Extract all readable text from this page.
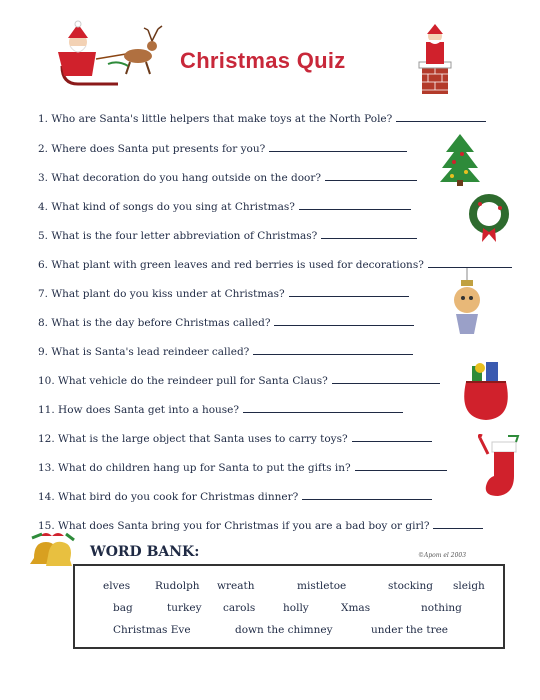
Christmas Quiz
1. Who are Santa's little helpers that make toys at the North Pole?
2. Where does Santa put presents for you?
3. What decoration do you hang outside on the door?
4. What kind of songs do you sing at Christmas?
5. What is the four letter abbreviation of Christmas?
6. What plant with green leaves and red berries is used for decorations?
7. What plant do you kiss under at Christmas?
8. What is the day before Christmas called?
9. What is Santa's lead reindeer called?
10. What vehicle do the reindeer pull for Santa Claus?
11. How does Santa get into a house?
12. What is the large object that Santa uses to carry toys?
13. What do children hang up for Santa to put the gifts in?
14. What bird do you cook for Christmas dinner?
15. What does Santa bring you for Christmas if you are a bad boy or girl?
WORD BANK:	©Apom el 2003
elves Rudolph wreath	mistletoe	stocking sleigh
bag	turkey carols	holly	Xmas	nothing
Christmas Eve	down the chimney	under the tree
